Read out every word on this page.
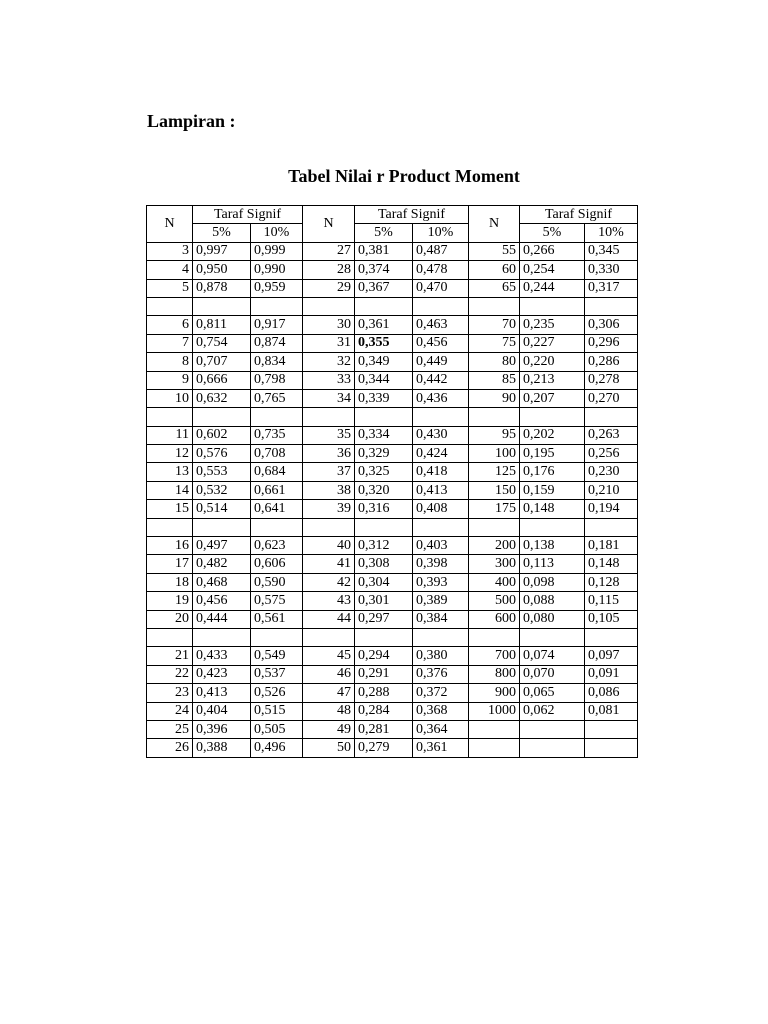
Lampiran :

Tabel Nilai r Product Moment

N	Taraf Signif		N	Taraf Signif		N	Taraf Signif	
	5%	10%		5%	10%		5%	10%
3	0,997	0,999	27	0,381	0,487	55	0,266	0,345
4	0,950	0,990	28	0,374	0,478	60	0,254	0,330
5	0,878	0,959	29	0,367	0,470	65	0,244	0,317

6	0,811	0,917	30	0,361	0,463	70	0,235	0,306
7	0,754	0,874	31	0,355	0,456	75	0,227	0,296
8	0,707	0,834	32	0,349	0,449	80	0,220	0,286
9	0,666	0,798	33	0,344	0,442	85	0,213	0,278
10	0,632	0,765	34	0,339	0,436	90	0,207	0,270

11	0,602	0,735	35	0,334	0,430	95	0,202	0,263
12	0,576	0,708	36	0,329	0,424	100	0,195	0,256
13	0,553	0,684	37	0,325	0,418	125	0,176	0,230
14	0,532	0,661	38	0,320	0,413	150	0,159	0,210
15	0,514	0,641	39	0,316	0,408	175	0,148	0,194

16	0,497	0,623	40	0,312	0,403	200	0,138	0,181
17	0,482	0,606	41	0,308	0,398	300	0,113	0,148
18	0,468	0,590	42	0,304	0,393	400	0,098	0,128
19	0,456	0,575	43	0,301	0,389	500	0,088	0,115
20	0,444	0,561	44	0,297	0,384	600	0,080	0,105

21	0,433	0,549	45	0,294	0,380	700	0,074	0,097
22	0,423	0,537	46	0,291	0,376	800	0,070	0,091
23	0,413	0,526	47	0,288	0,372	900	0,065	0,086
24	0,404	0,515	48	0,284	0,368	1000	0,062	0,081
25	0,396	0,505	49	0,281	0,364			
26	0,388	0,496	50	0,279	0,361			
